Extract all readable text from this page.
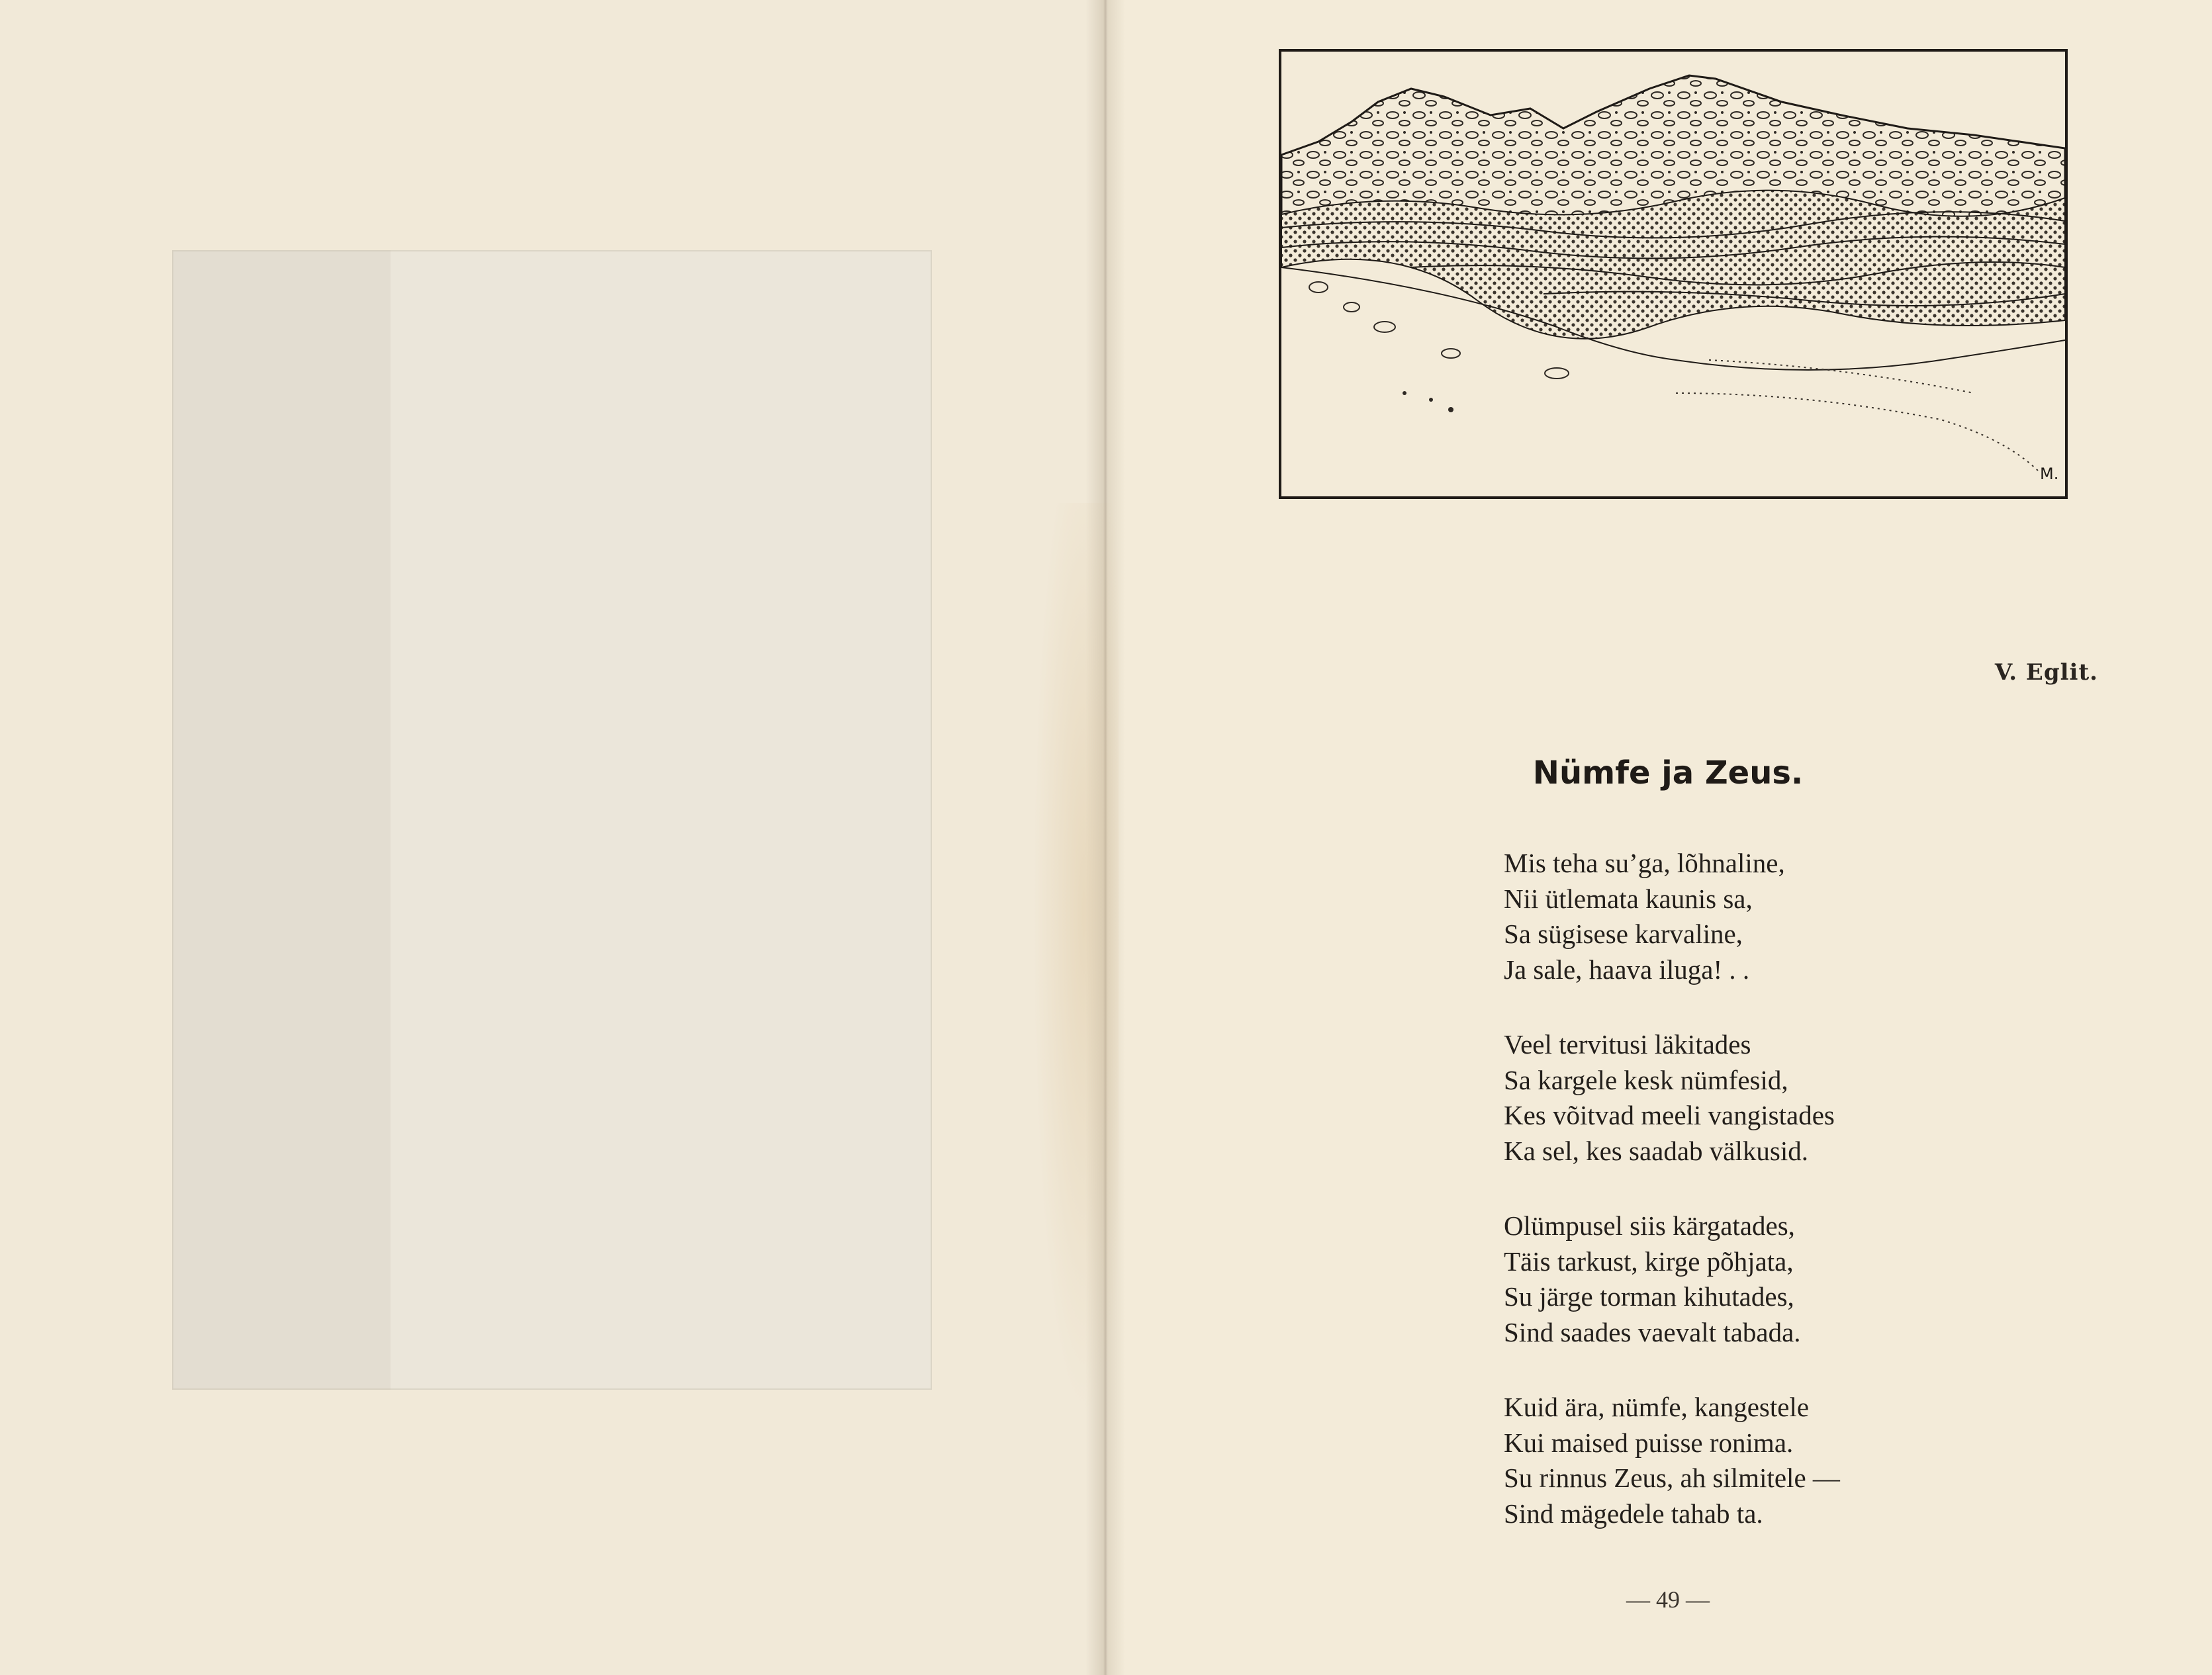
M.
V. Eglit.
Nümfe ja Zeus.
Mis teha su’ga, lõhnaline,
Nii ütlemata kaunis sa,
Sa sügisese karvaline,
Ja sale, haava iluga! . .
Veel tervitusi läkitades
Sa kargele kesk nümfesid,
Kes võitvad meeli vangistades
Ka sel, kes saadab välkusid.
Olümpusel siis kärgatades,
Täis tarkust, kirge põhjata,
Su järge torman kihutades,
Sind saades vaevalt tabada.
Kuid ära, nümfe, kangestele
Kui maised puisse ronima.
Su rinnus Zeus, ah silmitele —
Sind mägedele tahab ta.
— 49 —
